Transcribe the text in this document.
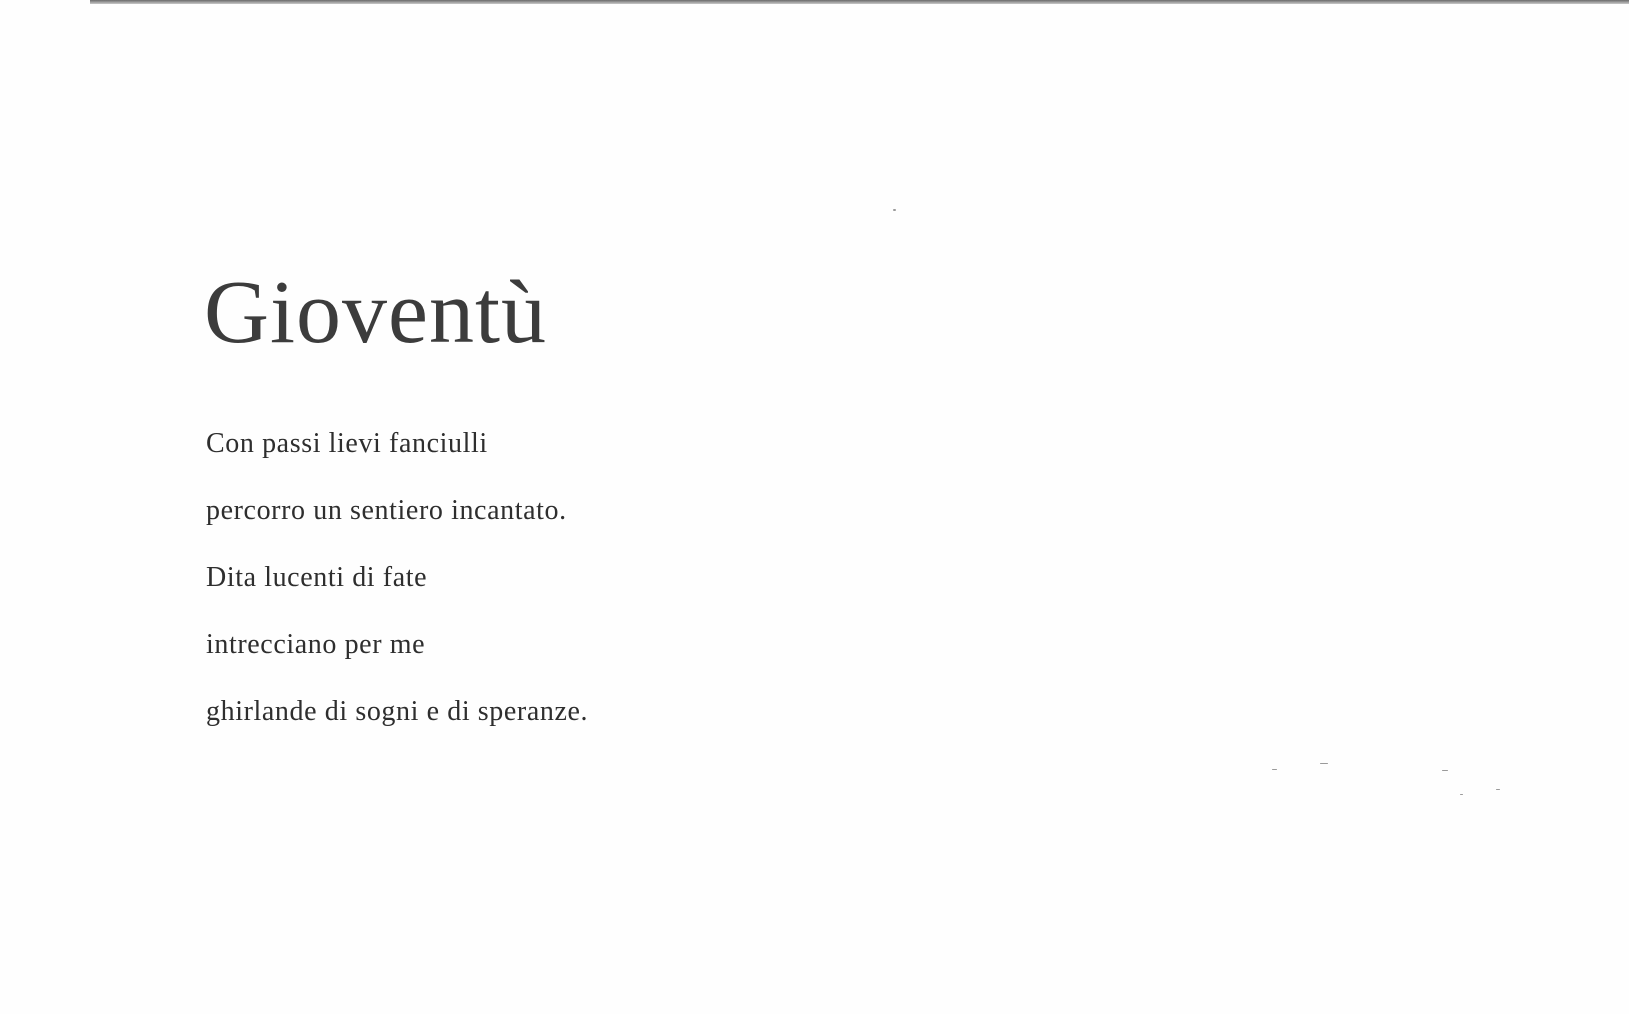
Gioventù
Con passi lievi fanciulli
percorro un sentiero incantato.
Dita lucenti di fate
intrecciano per me
ghirlande di sogni e di speranze.
